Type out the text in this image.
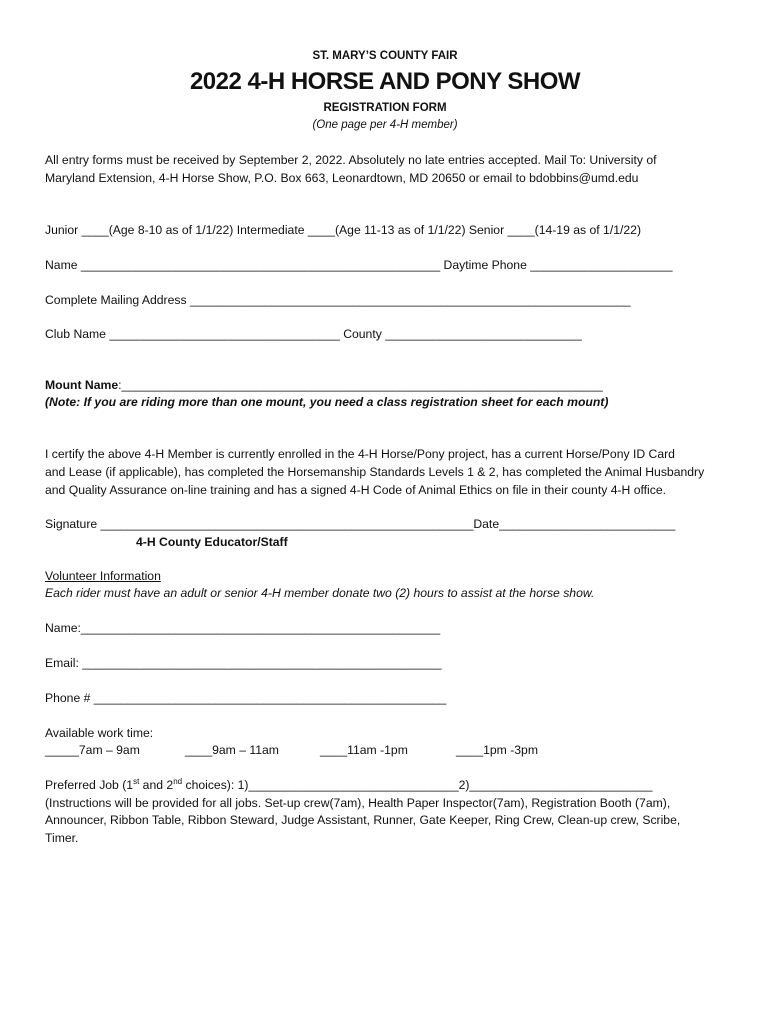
ST. MARY’S COUNTY FAIR
2022 4-H HORSE AND PONY SHOW
REGISTRATION FORM
(One page per 4-H member)
All entry forms must be received by September 2, 2022. Absolutely no late entries accepted. Mail To: University of
Maryland Extension, 4-H Horse Show, P.O. Box 663, Leonardtown, MD 20650 or email to bdobbins@umd.edu
Junior ____(Age 8-10 as of 1/1/22) Intermediate ____(Age 11-13 as of 1/1/22) Senior ____(14-19 as of 1/1/22)
Name _____________________________________________________ Daytime Phone _____________________
Complete Mailing Address _________________________________________________________________
Club Name __________________________________ County _____________________________
Mount Name:_______________________________________________________________________
(Note: If you are riding more than one mount, you need a class registration sheet for each mount)
I certify the above 4-H Member is currently enrolled in the 4-H Horse/Pony project, has a current Horse/Pony ID Card
and Lease (if applicable), has completed the Horsemanship Standards Levels 1 & 2, has completed the Animal Husbandry
and Quality Assurance on-line training and has a signed 4-H Code of Animal Ethics on file in their county 4-H office.
Signature _______________________________________________________Date__________________________
4-H County Educator/Staff
Volunteer Information
Each rider must have an adult or senior 4-H member donate two (2) hours to assist at the horse show.
Name:_____________________________________________________
Email: _____________________________________________________
Phone # ____________________________________________________
Available work time:
_____7am – 9am	____9am – 11am	____11am -1pm	____1pm -3pm
Preferred Job (1st and 2nd choices): 1)_______________________________2)___________________________
(Instructions will be provided for all jobs. Set-up crew(7am), Health Paper Inspector(7am), Registration Booth (7am),
Announcer, Ribbon Table, Ribbon Steward, Judge Assistant, Runner, Gate Keeper, Ring Crew, Clean-up crew, Scribe,
Timer.
